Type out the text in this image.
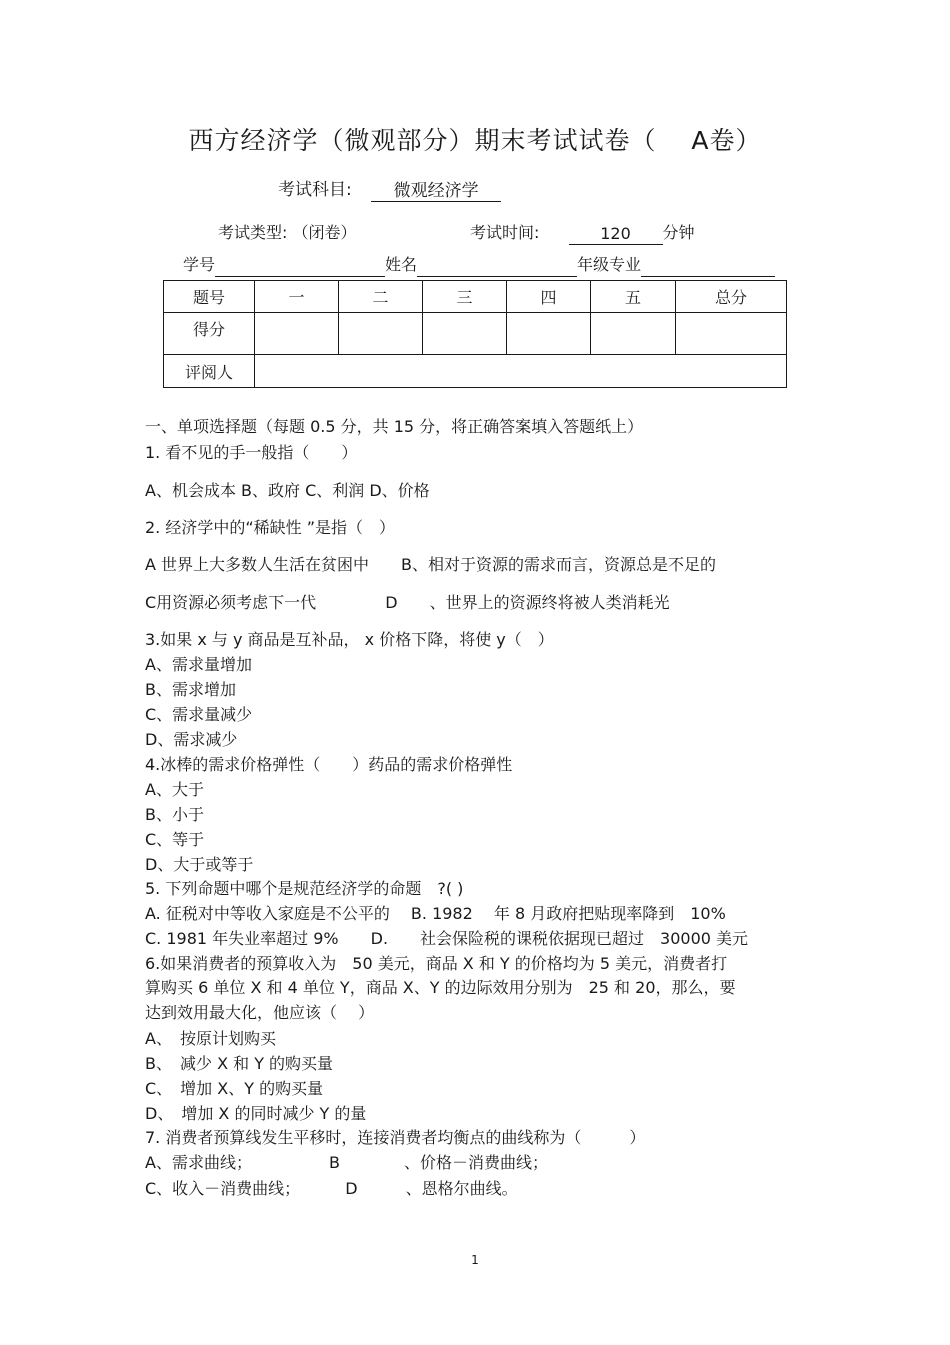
西方经济学（微观部分）期末考试试卷（　 A卷）
考试科目: 微观经济学
考试类型: （闭卷）	考试时间:	120 分钟
学号	姓名	年级专业
题号	一	二	三	四	五	总分
得分						
评阅人						
一、单项选择题（每题 0.5 分，共 15 分，将正确答案填入答题纸上）
1. 看不见的手一般指（　　）
A、机会成本 B、政府 C、利润 D、价格
2. 经济学中的“稀缺性 ”是指（　）
A 世界上大多数人生活在贫困中　　B、相对于资源的需求而言，资源总是不足的
C用资源必须考虑下一代　　　　 D　　、世界上的资源终将被人类消耗光
3.如果 x 与 y 商品是互补品， x 价格下降，将使 y（　）
A、需求量增加
B、需求增加
C、需求量减少
D、需求减少
4.冰棒的需求价格弹性（　　）药品的需求价格弹性
A、大于
B、小于
C、等于
D、大于或等于
5. 下列命题中哪个是规范经济学的命题　?( )
A. 征税对中等收入家庭是不公平的　 B. 1982　 年 8 月政府把贴现率降到　10%
C. 1981 年失业率超过 9%　　D.　　社会保险税的课税依据现已超过　30000 美元
6.如果消费者的预算收入为　50 美元，商品 X 和 Y 的价格均为 5 美元，消费者打
算购买 6 单位 X 和 4 单位 Y，商品 X、Y 的边际效用分别为　25 和 20，那么，要
达到效用最大化，他应该（　 ）
A、　按原计划购买
B、　减少 X 和 Y 的购买量
C、　增加 X、Y 的购买量
D、　增加 X 的同时减少 Y 的量
7. 消费者预算线发生平移时，连接消费者均衡点的曲线称为（　　　）
A、需求曲线；　　　　　 B　　　　、价格－消费曲线；
C、收入－消费曲线；　　　 D　　　、恩格尔曲线。
1
